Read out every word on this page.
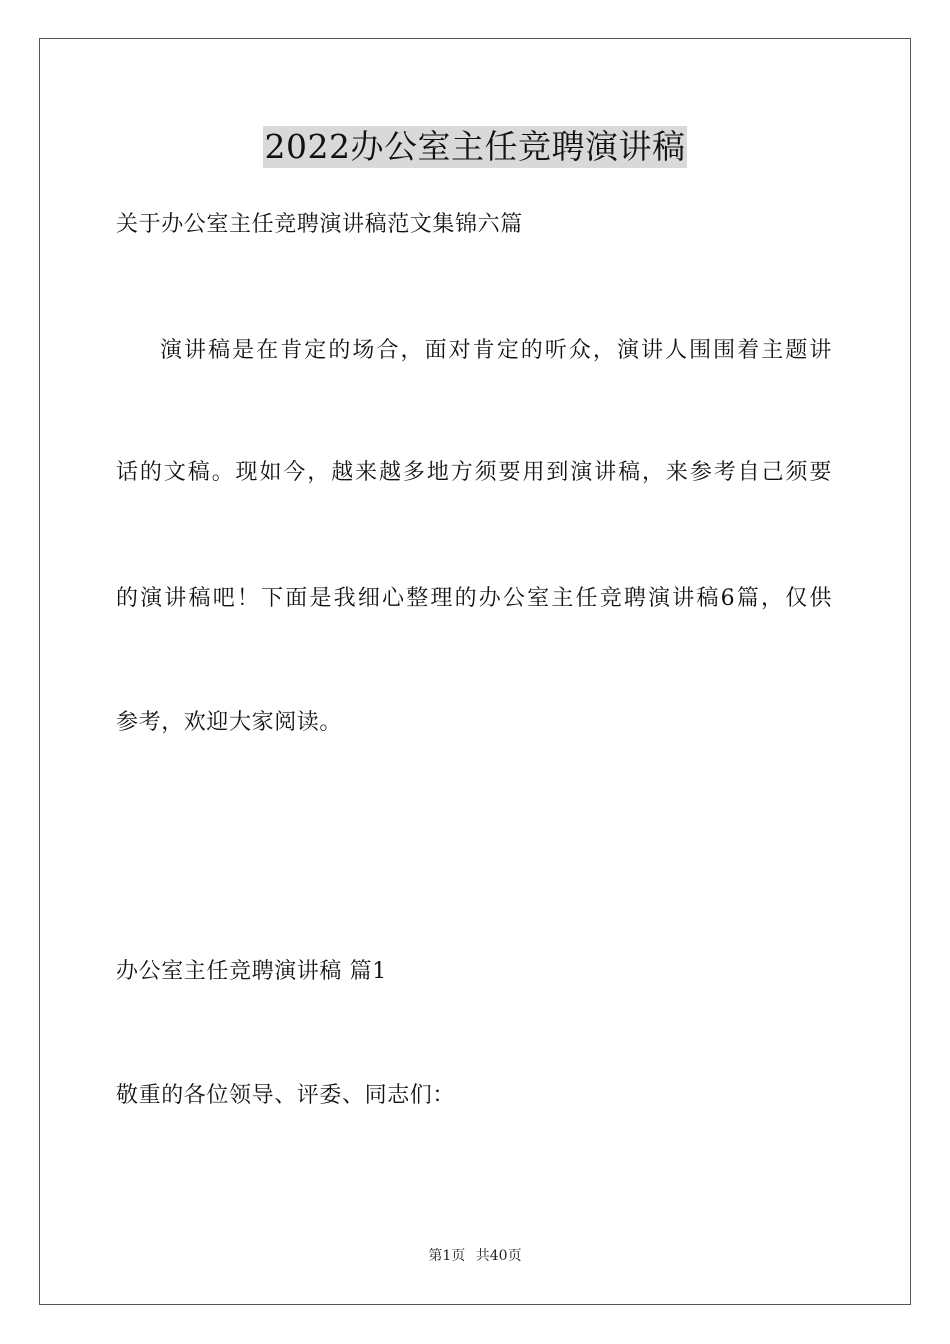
2022办公室主任竞聘演讲稿
关于办公室主任竞聘演讲稿范文集锦六篇
演讲稿是在肯定的场合，面对肯定的听众，演讲人围围着主题讲
话的文稿。现如今，越来越多地方须要用到演讲稿，来参考自己须要
的演讲稿吧！下面是我细心整理的办公室主任竞聘演讲稿6篇，仅供
参考，欢迎大家阅读。
办公室主任竞聘演讲稿 篇1
敬重的各位领导、评委、同志们：
第1页 共40页
